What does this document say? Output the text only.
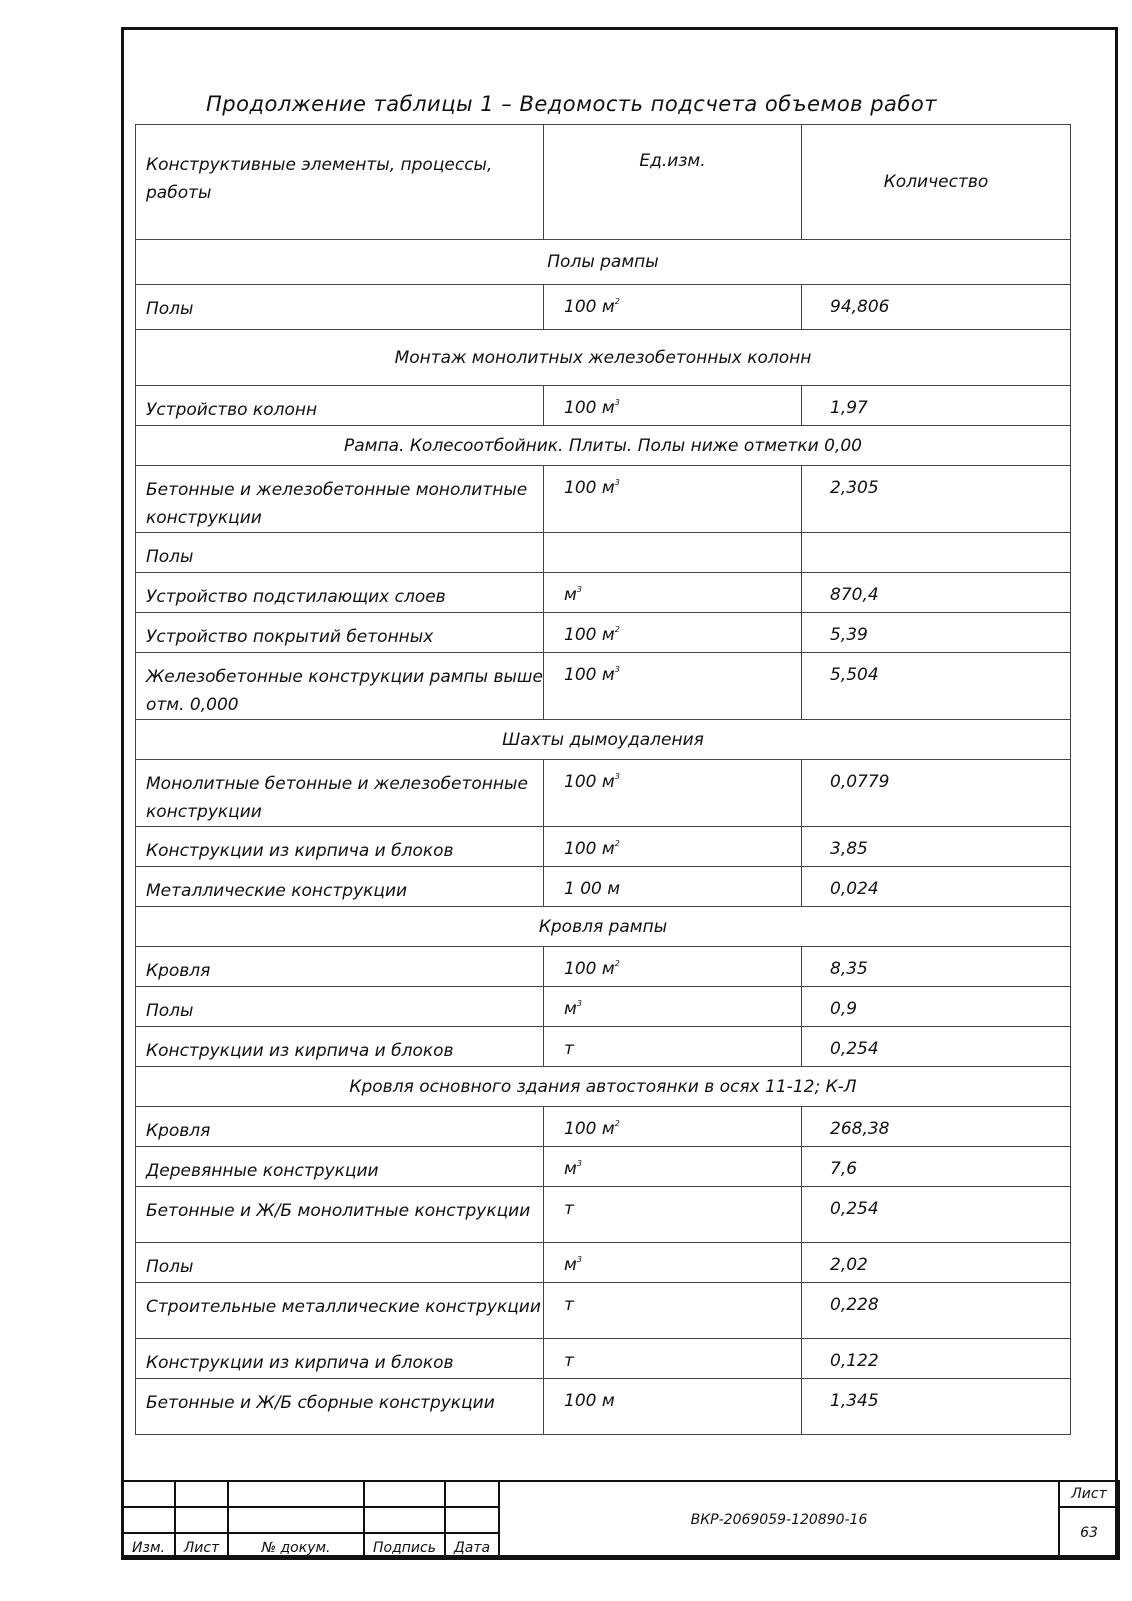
Продолжение таблицы 1 – Ведомость подсчета объемов работ
Конструктивные элементы, процессы, работы	Ед.изм.	Количество
Полы рампы		
Полы	100 $м^2$	94,806
Монтаж монолитных железобетонных колонн		
Устройство колонн	100 $м^3$	1,97
Рампа. Колесоотбойник. Плиты. Полы ниже отметки 0,00		
Бетонные и железобетонные монолитные конструкции	100 $м^3$	2,305
Полы		
Устройство подстилающих слоев	$м^3$	870,4
Устройство покрытий бетонных	100 $м^2$	5,39
Железобетонные конструкции рампы выше отм. 0,000	100 $м^3$	5,504
Шахты дымоудаления		
Монолитные бетонные и железобетонные конструкции	100 $м^3$	0,0779
Конструкции из кирпича и блоков	100 $м^2$	3,85
Металлические конструкции	1 00 м	0,024
Кровля рампы		
Кровля	100 $м^2$	8,35
Полы	$м^3$	0,9
Конструкции из кирпича и блоков	т	0,254
Кровля основного здания автостоянки в осях 11-12; К-Л		
Кровля	100 $м^2$	268,38
Деревянные конструкции	$м^3$	7,6
Бетонные и Ж/Б монолитные конструкции	т	0,254
Полы	$м^3$	2,02
Строительные металлические конструкции	т	0,228
Конструкции из кирпича и блоков	т	0,122
Бетонные и Ж/Б сборные конструкции	100 м	1,345
					ВКР-2069059-120890-16	Лист
						63
Изм.	Лист	№ докум.	Подпись	Дата		
